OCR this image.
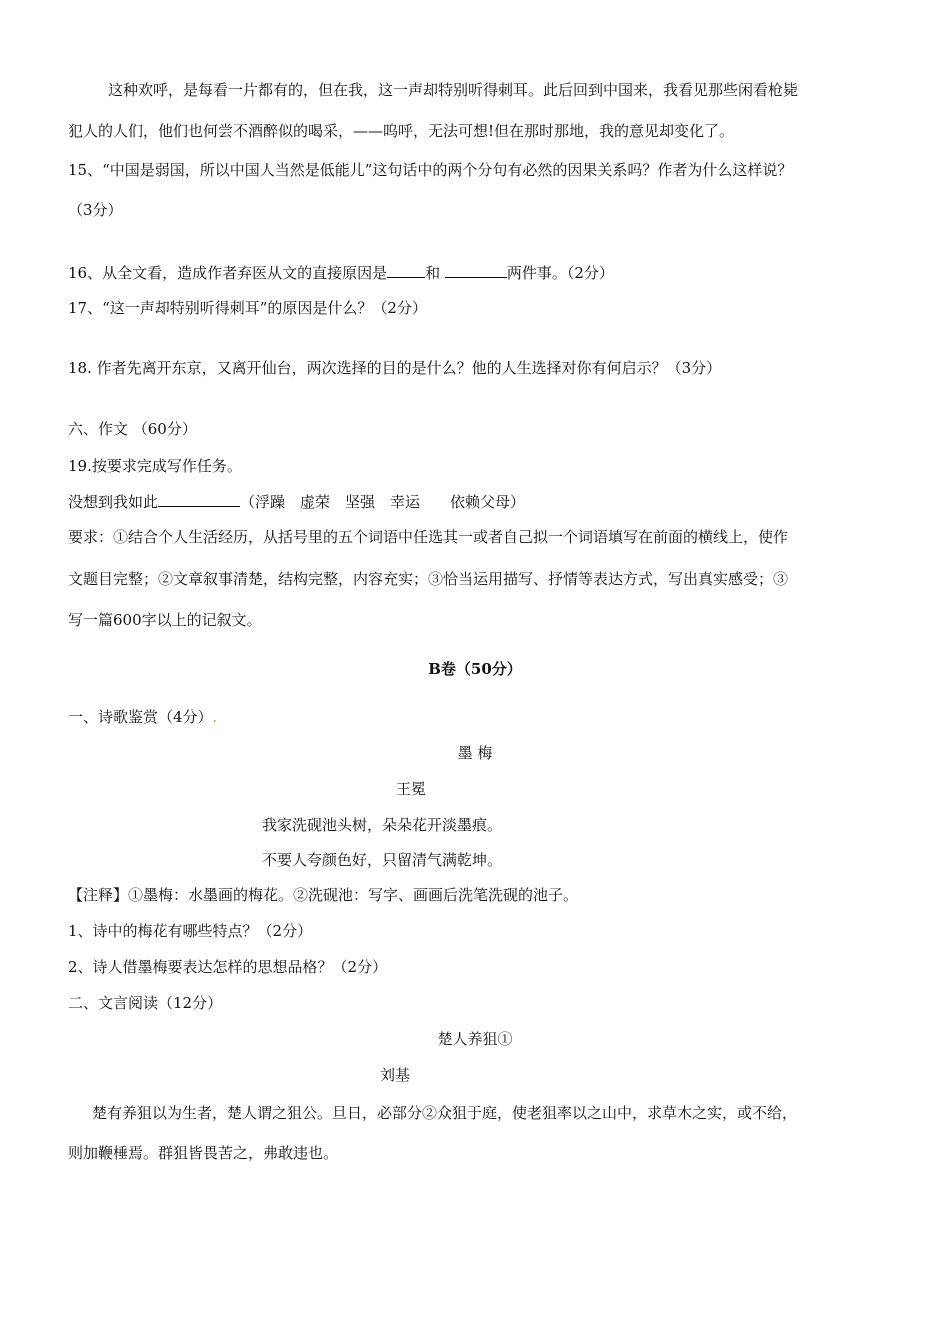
这种欢呼，是每看一片都有的，但在我，这一声却特别听得刺耳。此后回到中国来，我看见那些闲看枪毙
犯人的人们，他们也何尝不酒醉似的喝采，——呜呼，无法可想!但在那时那地，我的意见却变化了。
15、“中国是弱国，所以中国人当然是低能儿”这句话中的两个分句有必然的因果关系吗？作者为什么这样说？
（3分）
16、从全文看，造成作者弃医从文的直接原因是	和	两件事。（2分）
17、“这一声却特别听得刺耳”的原因是什么？（2分）
18. 作者先离开东京，又离开仙台，两次选择的目的是什么？他的人生选择对你有何启示？（3分）
六、作文 （60分）
19.按要求完成写作任务。
没想到我如此	（浮躁　虚荣　坚强　幸运　　依赖父母）
要求：①结合个人生活经历，从括号里的五个词语中任选其一或者自己拟一个词语填写在前面的横线上，使作
文题目完整；②文章叙事清楚，结构完整，内容充实；③恰当运用描写、抒情等表达方式，写出真实感受；③
写一篇600字以上的记叙文。
B卷（50分）
一、诗歌鉴赏（4分）.
墨 梅
王冕
我家洗砚池头树，朵朵花开淡墨痕。
不要人夸颜色好，只留清气满乾坤。
【注释】①墨梅：水墨画的梅花。②洗砚池：写字、画画后洗笔洗砚的池子。
1、诗中的梅花有哪些特点？（2分）
2、诗人借墨梅要表达怎样的思想品格？（2分）
二、文言阅读（12分）
楚人养狙①
刘基
楚有养狙以为生者，楚人谓之狙公。旦日，必部分②众狙于庭，使老狙率以之山中，求草木之实，或不给，
则加鞭棰焉。群狙皆畏苦之，弗敢违也。
